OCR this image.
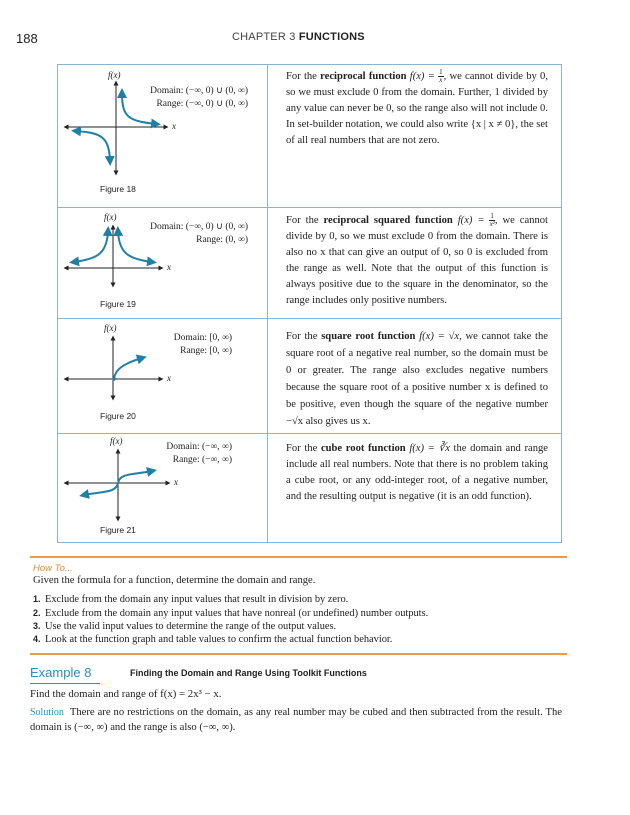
188	CHAPTER 3 FUNCTIONS
f(x)
x
Domain: (−∞, 0) ∪ (0, ∞)
Range: (−∞, 0) ∪ (0, ∞)
Figure 18
For the reciprocal function $f(x) = \frac{1}{x}$ , we cannot divide by 0, so we must exclude 0 from the domain. Further, 1 divided by any value can never be 0, so the range also will not include 0. In set-builder notation, we could also write {x | x ≠ 0}, the set of all real numbers that are not zero.
f(x)
x
Domain: (−∞, 0) ∪ (0, ∞)
Range: (0, ∞)
Figure 19
For the reciprocal squared function $f(x) = \frac{1}{\text{x²}}$ , we cannot divide by 0, so we must exclude 0 from the domain. There is also no x that can give an output of 0, so 0 is excluded from the range as well. Note that the output of this function is always positive due to the square in the denominator, so the range includes only positive numbers.
f(x)
x
Domain: [0, ∞)
Range: [0, ∞)
Figure 20
For the square root function f(x) = √x, we cannot take the square root of a negative real number, so the domain must be 0 or greater. The range also excludes negative numbers because the square root of a positive number x is defined to be positive, even though the square of the negative number −√x also gives us x.
f(x)
x
Domain: (−∞, ∞)
Range: (−∞, ∞)
Figure 21
For the cube root function f(x) = ∛x the domain and range include all real numbers. Note that there is no problem taking a cube root, or any odd-integer root, of a negative number, and the resulting output is negative (it is an odd function).
How To...
Given the formula for a function, determine the domain and range.
1. Exclude from the domain any input values that result in division by zero.
2. Exclude from the domain any input values that have nonreal (or undefined) number outputs.
3. Use the valid input values to determine the range of the output values.
4. Look at the function graph and table values to confirm the actual function behavior.
Example 8	Finding the Domain and Range Using Toolkit Functions
Find the domain and range of f(x) = 2x³ − x.
Solution There are no restrictions on the domain, as any real number may be cubed and then subtracted from the result. The domain is (−∞, ∞) and the range is also (−∞, ∞).
